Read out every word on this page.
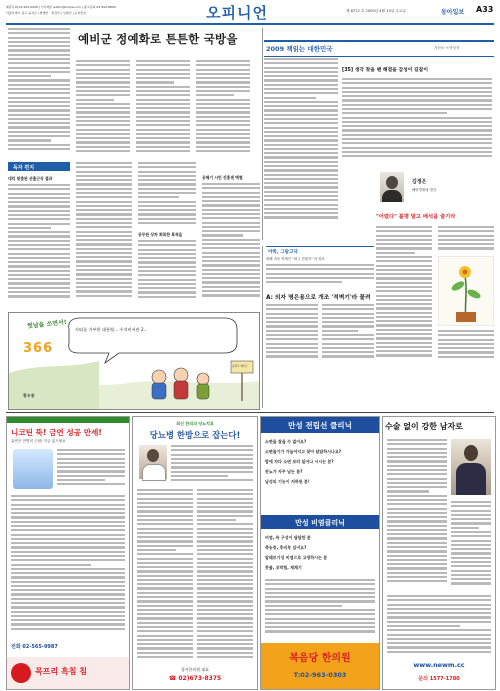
제휴문의 02-952-0009 | 기사제보 editor@kmpa.com | 광고문의 02-952-8800
서울특별시 중구 을지로 | 발행인 · 편집인 | 인쇄인 | 등록번호	오피니언	제 8772 호 2009년 4월 15일 수요일	동아일보 A33
예비군 정예화로 튼튼한 국방을
2009 책읽는 대한민국	저탄소·녹색성장
[35] 생각 찾을 땐 해결을 감성이 길잡이
김정은
해양경찰대 경감
"어렸다" 불평 말고 배석을 즐기라
독자 편지
대덕 맞춤된 선출근직 결과
공무원 상처 회복한 복적을
공해기 시민 진흥센 맥협
야학, 그람고닥
양해 마음 학제인 "최그 건데지" 아 과료
A: 의자 명은용으로 개조 '적벽기'라 물려
헛날을 쓰면서! 사퇴를 거부한 대통령... 수석비서관 2...
중학교 3학년
366
황우룡
니코틴 뚝! 금연 성공 만세!
흡연은 만병의 근원! 지금 끊으세요
전화 02-565-9987
목프리 흑침 침
최신 한의의 당뇨치료
당뇨병 한방으로 잡는다!
경서한의원 대표
☎ 02)673-8375
만성 전립선 클리닉
소변을 참을 수 없어요?
소변줄기가 가늘어지고 잦아 답답하시나요?
밤에 자다 소변 보러 일어나 시시는 분?
잔뇨가 자꾸 남는 분?
남성의 기능이 저하된 분!
만성 비염클리닉
비염, 목 구성이 답답한 분
축농증, 후비루 있어요?
알레르기성 비염으로 고생하시는 분
콧물, 코막힘, 재채기
복음당 한의원
T:02-963-0303
수술 없이 강한 남자로
www.newm.cc
문의 1577-1780
